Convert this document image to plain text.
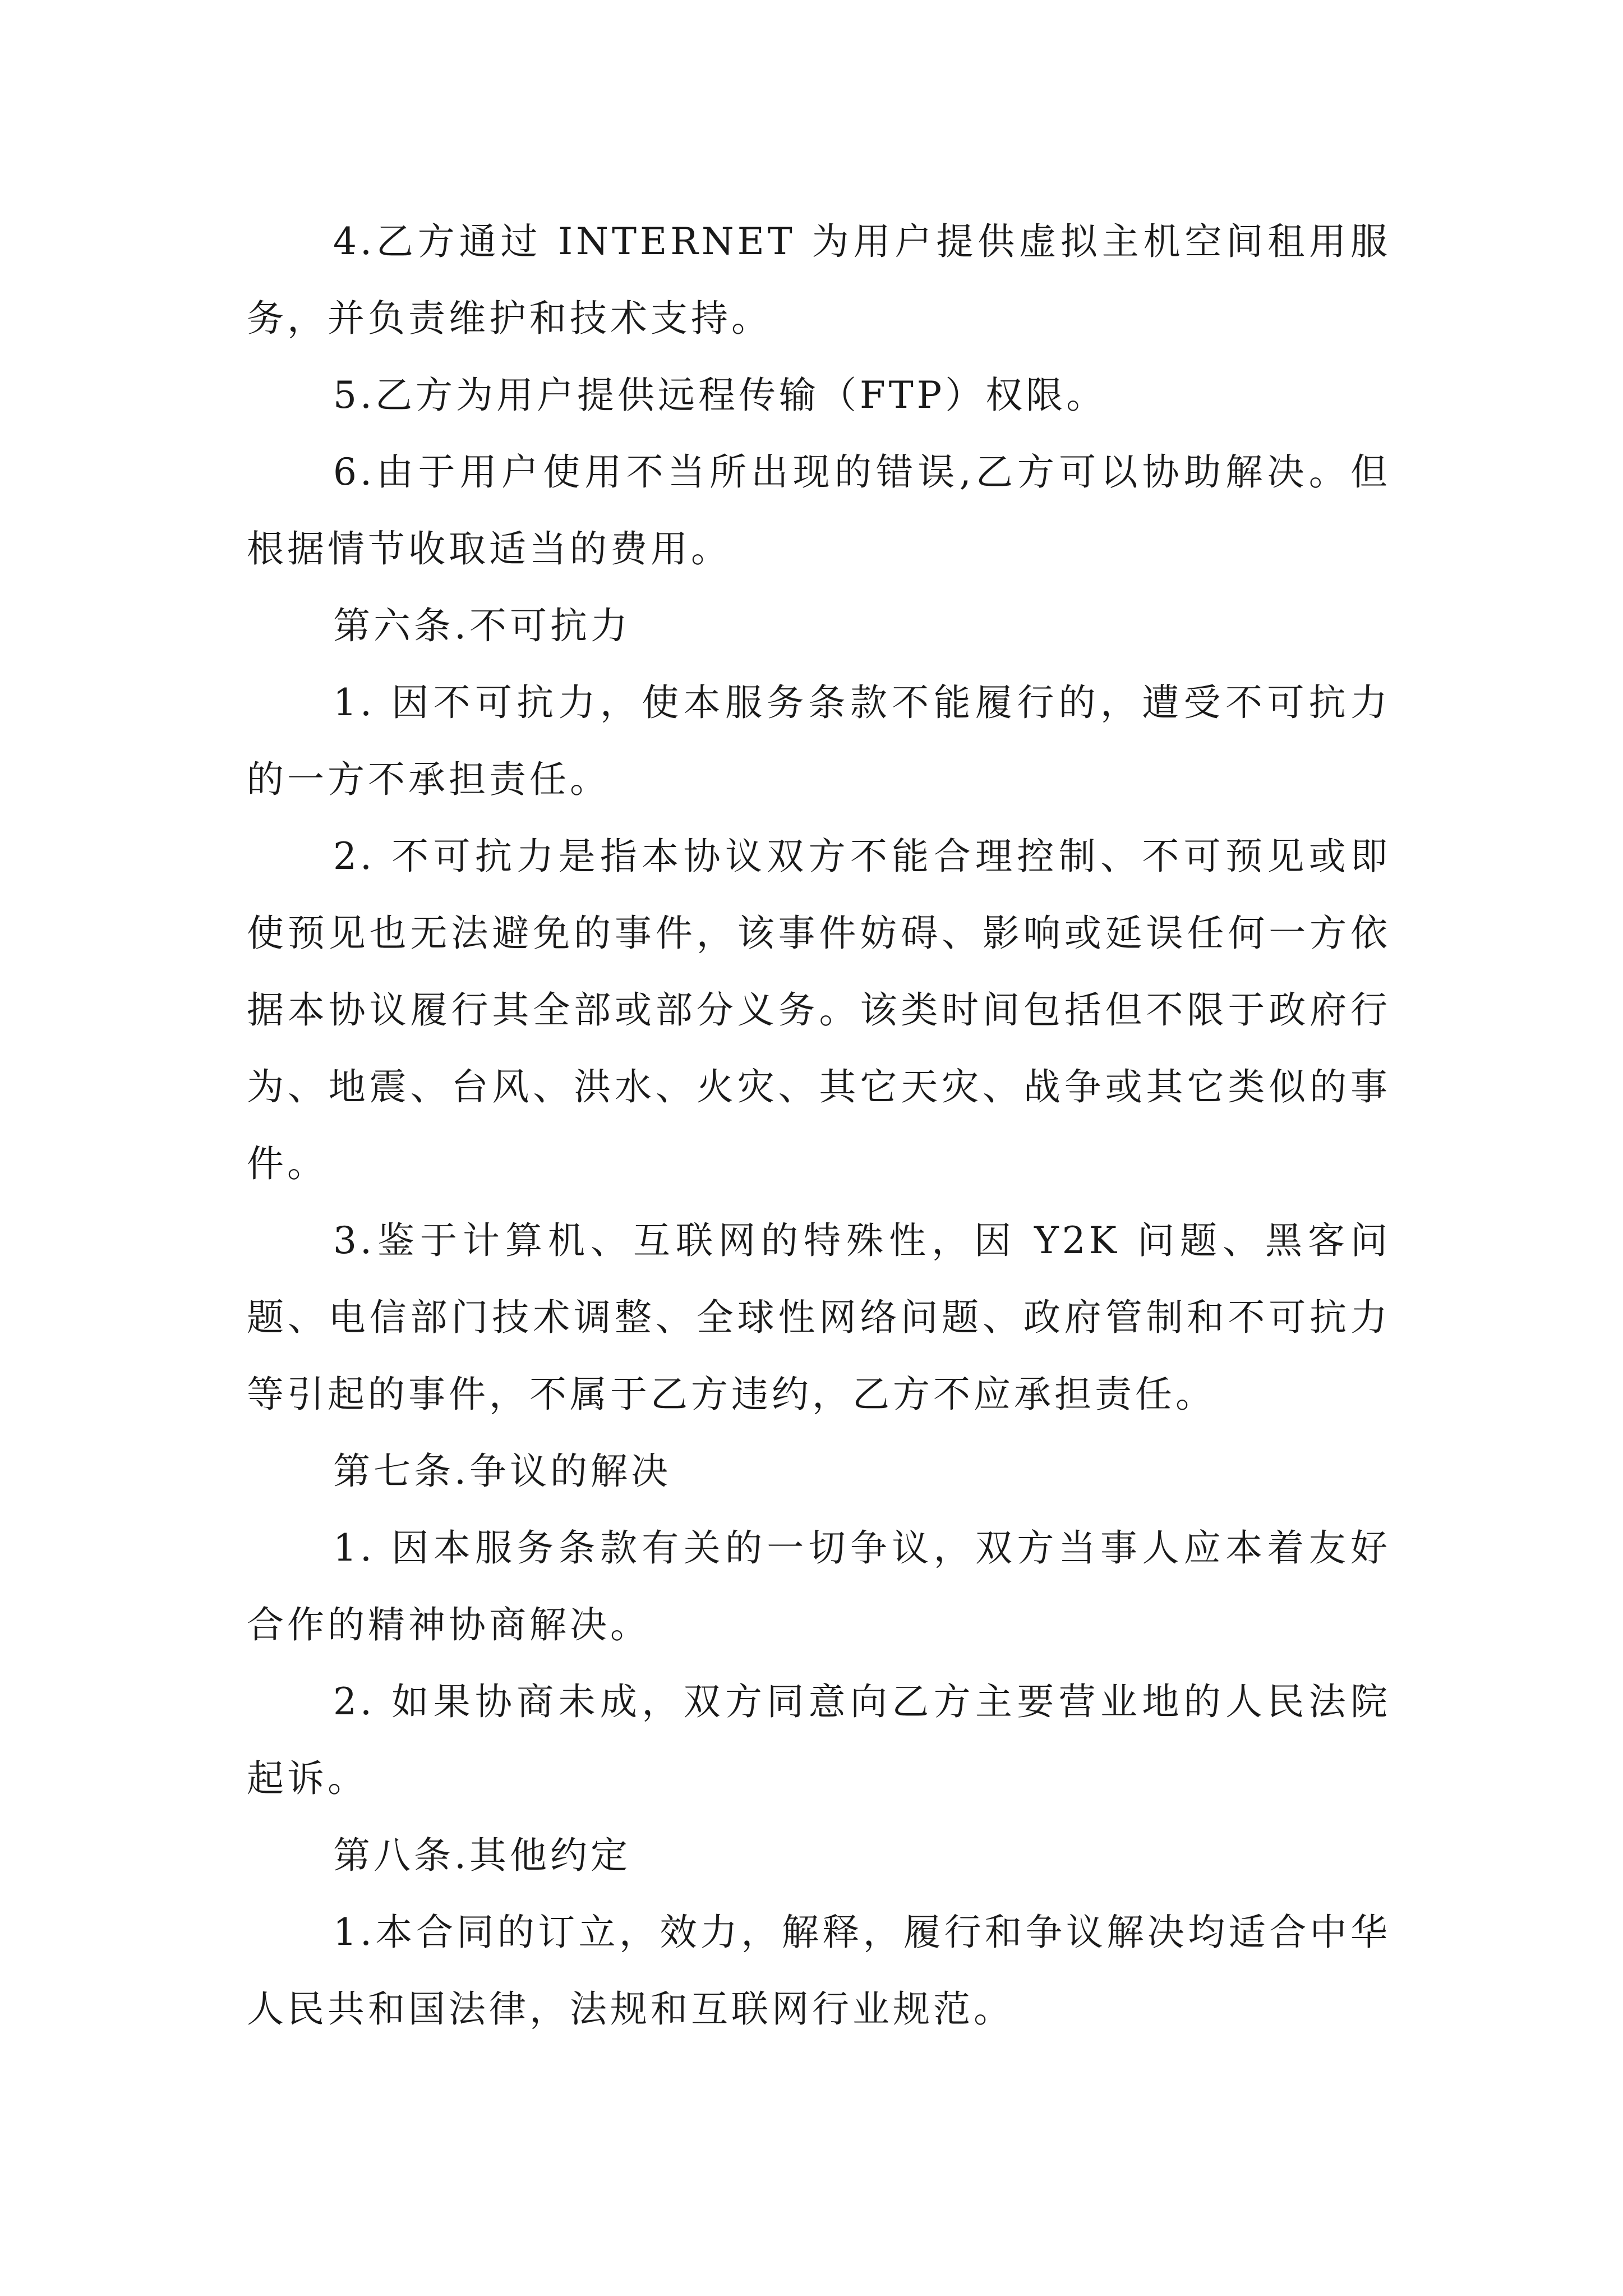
4.乙方通过 INTERNET 为用户提供虚拟主机空间租用服务，并负责维护和技术支持。

5.乙方为用户提供远程传输（FTP）权限。

6.由于用户使用不当所出现的错误,乙方可以协助解决。但根据情节收取适当的费用。

第六条.不可抗力

1. 因不可抗力，使本服务条款不能履行的，遭受不可抗力的一方不承担责任。

2. 不可抗力是指本协议双方不能合理控制、不可预见或即使预见也无法避免的事件，该事件妨碍、影响或延误任何一方依据本协议履行其全部或部分义务。该类时间包括但不限于政府行为、地震、台风、洪水、火灾、其它天灾、战争或其它类似的事件。

3.鉴于计算机、互联网的特殊性，因 Y2K 问题、黑客问题、电信部门技术调整、全球性网络问题、政府管制和不可抗力等引起的事件，不属于乙方违约，乙方不应承担责任。

第七条.争议的解决

1. 因本服务条款有关的一切争议，双方当事人应本着友好合作的精神协商解决。

2. 如果协商未成，双方同意向乙方主要营业地的人民法院起诉。

第八条.其他约定

1.本合同的订立，效力，解释，履行和争议解决均适合中华人民共和国法律，法规和互联网行业规范。
